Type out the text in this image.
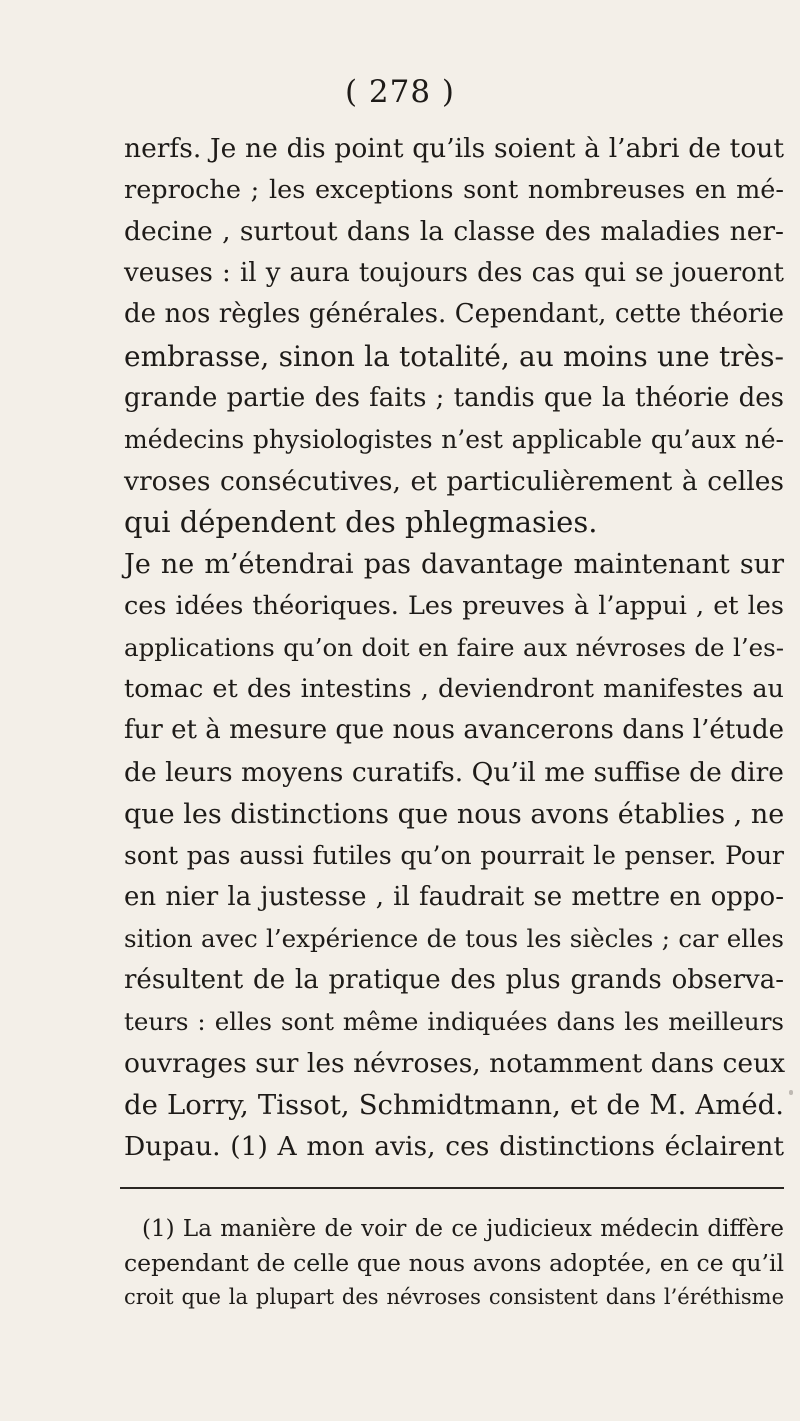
( 278 )
nerfs. Je ne dis point qu’ils soient à l’abri de tout
reproche ; les exceptions sont nombreuses en mé-
decine , surtout dans la classe des maladies ner-
veuses : il y aura toujours des cas qui se joueront
de nos règles générales. Cependant, cette théorie
embrasse, sinon la totalité, au moins une très-
grande partie des faits ; tandis que la théorie des
médecins physiologistes n’est applicable qu’aux né-
vroses consécutives, et particulièrement à celles
qui dépendent des phlegmasies.
Je ne m’étendrai pas davantage maintenant sur
ces idées théoriques. Les preuves à l’appui , et les
applications qu’on doit en faire aux névroses de l’es-
tomac et des intestins , deviendront manifestes au
fur et à mesure que nous avancerons dans l’étude
de leurs moyens curatifs. Qu’il me suffise de dire
que les distinctions que nous avons établies , ne
sont pas aussi futiles qu’on pourrait le penser. Pour
en nier la justesse , il faudrait se mettre en oppo-
sition avec l’expérience de tous les siècles ; car elles
résultent de la pratique des plus grands observa-
teurs : elles sont même indiquées dans les meilleurs
ouvrages sur les névroses, notamment dans ceux
de Lorry, Tissot, Schmidtmann, et de M. Améd.
Dupau. (1) A mon avis, ces distinctions éclairent
(1) La manière de voir de ce judicieux médecin diffère
cependant de celle que nous avons adoptée, en ce qu’il
croit que la plupart des névroses consistent dans l’éréthisme
